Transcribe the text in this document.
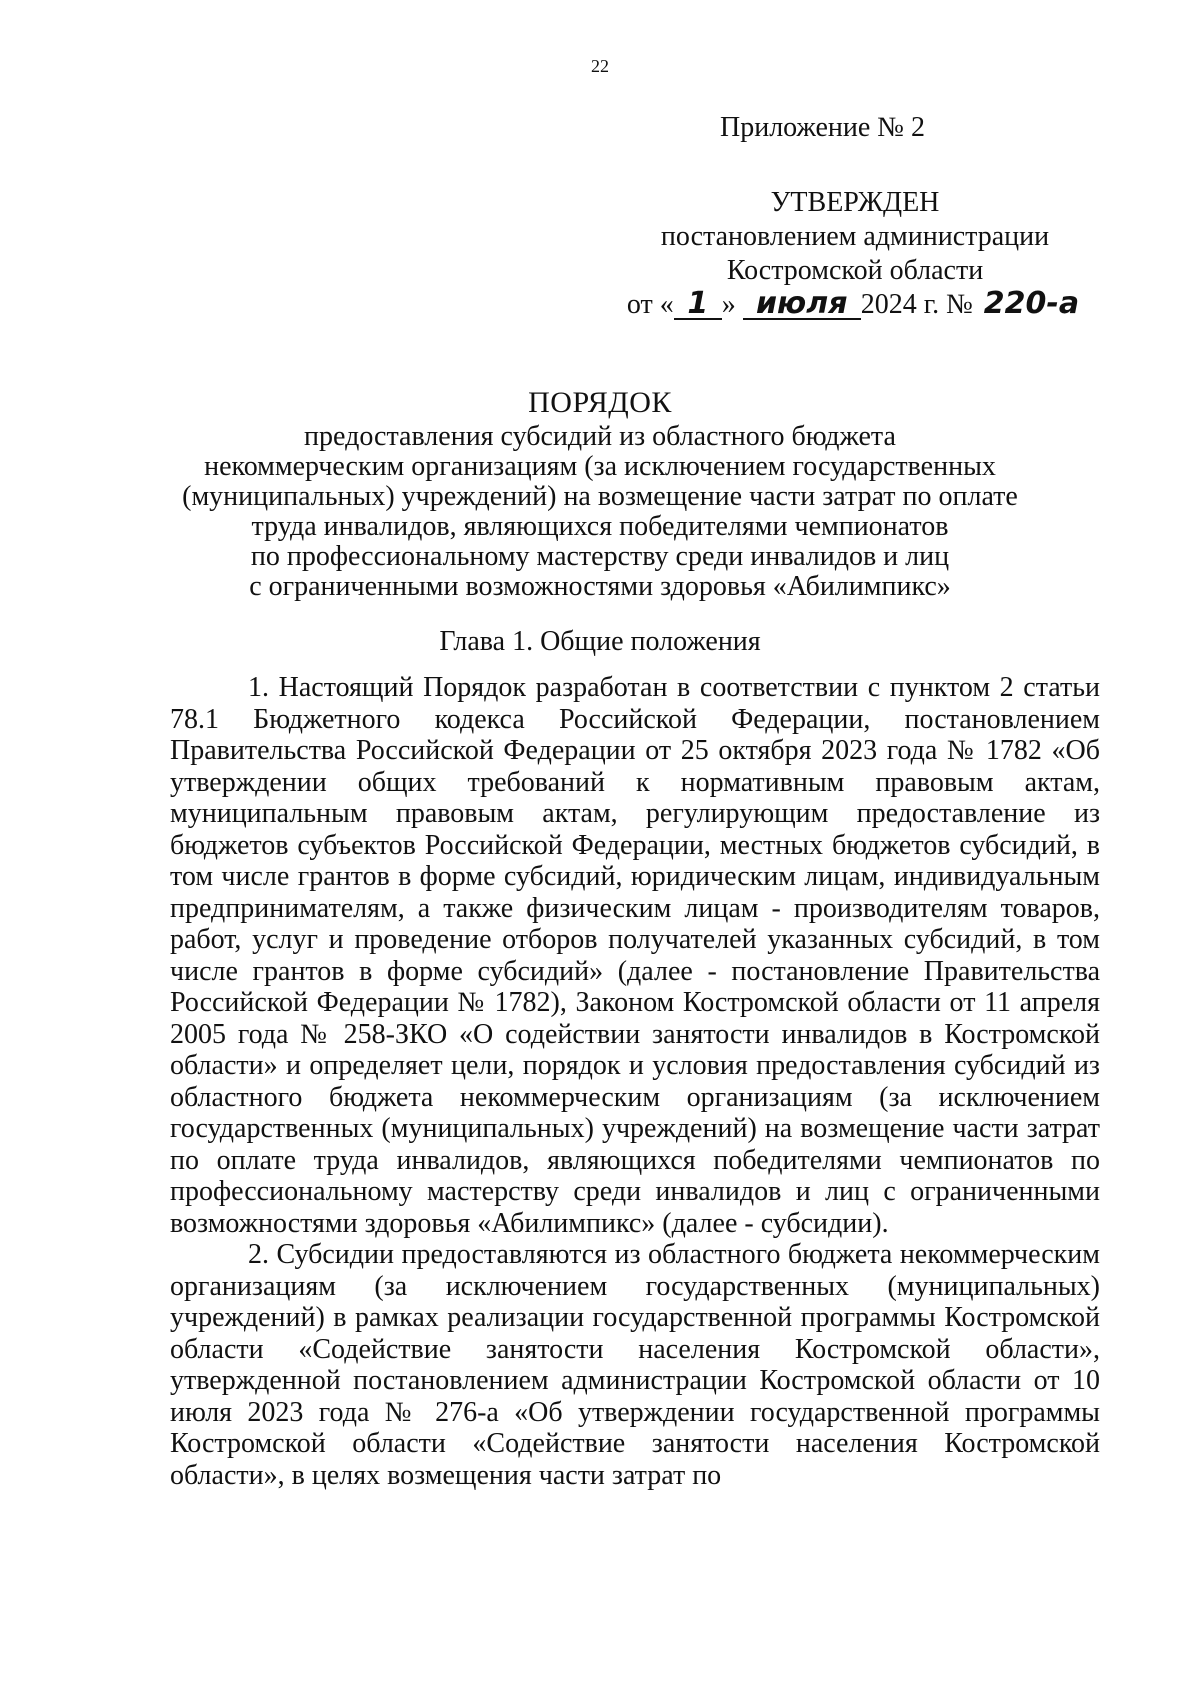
22
Приложение № 2
УТВЕРЖДЕН
постановлением администрации
Костромской области
от « 1 » июля 2024 г. № 220-а
ПОРЯДОК
предоставления субсидий из областного бюджета
некоммерческим организациям (за исключением государственных
(муниципальных) учреждений) на возмещение части затрат по оплате
труда инвалидов, являющихся победителями чемпионатов
по профессиональному мастерству среди инвалидов и лиц
с ограниченными возможностями здоровья «Абилимпикс»
Глава 1. Общие положения

1. Настоящий Порядок разработан в соответствии с пунктом 2 статьи 78.1 Бюджетного кодекса Российской Федерации, постановлением Правительства Российской Федерации от 25 октября 2023 года № 1782 «Об утверждении общих требований к нормативным правовым актам, муниципальным правовым актам, регулирующим предоставление из бюджетов субъектов Российской Федерации, местных бюджетов субсидий, в том числе грантов в форме субсидий, юридическим лицам, индивидуальным предпринимателям, а также физическим лицам - производителям товаров, работ, услуг и проведение отборов получателей указанных субсидий, в том числе грантов в форме субсидий» (далее - постановление Правительства Российской Федерации № 1782), Законом Костромской области от 11 апреля 2005 года № 258-ЗКО «О содействии занятости инвалидов в Костромской области» и определяет цели, порядок и условия предоставления субсидий из областного бюджета некоммерческим организациям (за исключением государственных (муниципальных) учреждений) на возмещение части затрат по оплате труда инвалидов, являющихся победителями чемпионатов по профессиональному мастерству среди инвалидов и лиц с ограниченными возможностями здоровья «Абилимпикс» (далее - субсидии).

2. Субсидии предоставляются из областного бюджета некоммерческим организациям (за исключением государственных (муниципальных) учреждений) в рамках реализации государственной программы Костромской области «Содействие занятости населения Костромской области», утвержденной постановлением администрации Костромской области от 10 июля 2023 года № 276-а «Об утверждении государственной программы Костромской области «Содействие занятости населения Костромской области», в целях возмещения части затрат по
